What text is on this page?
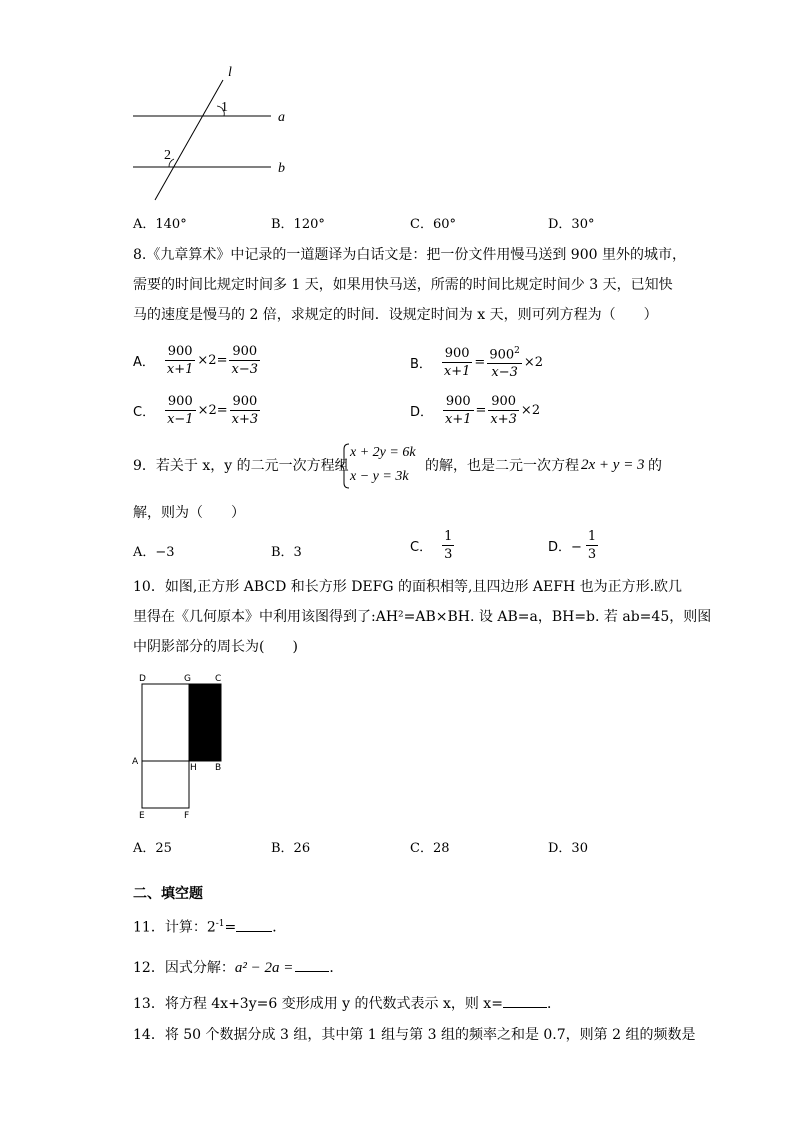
l
a
b
1
2
A．140°	B．120°	C．60°	D．30°
8.《九章算术》中记录的一道题译为白话文是：把一份文件用慢马送到 900 里外的城市，
需要的时间比规定时间多 1 天，如果用快马送，所需的时间比规定时间少 3 天，已知快
马的速度是慢马的 2 倍，求规定的时间．设规定时间为 x 天，则可列方程为（　　）
A． $\frac{900}{x+1} \times 2 = \frac{900}{x-3}$	B． $\frac{900}{x+1} = \frac{900^2}{x-3} \times 2$
C． $\frac{900}{x-1} \times 2 = \frac{900}{x+3}$	D． $\frac{900}{x+1} = \frac{900}{x+3} \times 2$
9．若关于 x，y 的二元一次方程组
x + 2y = 6k
x − y = 3k
的解，也是二元一次方程 2x + y = 3 的
解，则为（　　）
A．−3	B．3	C． $\frac{1}{3}$	D．− $\frac{1}{3}$
10．如图,正方形 ABCD 和长方形 DEFG 的面积相等,且四边形 AEFH 也为正方形.欧几
里得在《几何原本》中利用该图得到了:AH²=AB×BH. 设 AB=a，BH=b. 若 ab=45，则图
中阴影部分的周长为(　　)
D	G	C
A
H B
E	F
A．25	B．26	C．28	D．30
二、填空题
11．计算：$2^{-1}=$	．
12．因式分解：a² − 2a =	．
13．将方程 4x+3y=6 变形成用 y 的代数式表示 x，则 x=	．
14．将 50 个数据分成 3 组，其中第 1 组与第 3 组的频率之和是 0.7，则第 2 组的频数是
